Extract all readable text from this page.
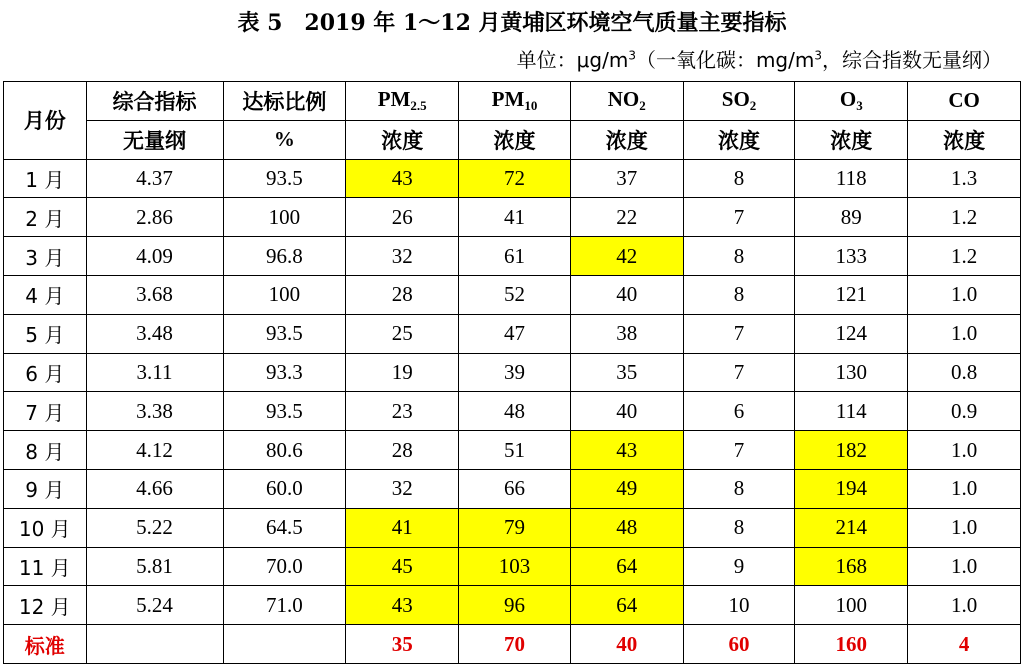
表 5　2019 年 1～12 月黄埔区环境空气质量主要指标
单位：$\mu g/m^3$（一氧化碳：$mg/m^3$，综合指数无量纲）
月份	综合指标	达标比例	$PM_{2.5}$	$PM_{10}$	$NO_2$	$SO_2$	$O_3$	CO
	无量纲	%	浓度	浓度	浓度	浓度	浓度	浓度
1 月	4.37	93.5	43	72	37	8	118	1.3
2 月	2.86	100	26	41	22	7	89	1.2
3 月	4.09	96.8	32	61	42	8	133	1.2
4 月	3.68	100	28	52	40	8	121	1.0
5 月	3.48	93.5	25	47	38	7	124	1.0
6 月	3.11	93.3	19	39	35	7	130	0.8
7 月	3.38	93.5	23	48	40	6	114	0.9
8 月	4.12	80.6	28	51	43	7	182	1.0
9 月	4.66	60.0	32	66	49	8	194	1.0
10 月	5.22	64.5	41	79	48	8	214	1.0
11 月	5.81	70.0	45	103	64	9	168	1.0
12 月	5.24	71.0	43	96	64	10	100	1.0
标准			35	70	40	60	160	4
